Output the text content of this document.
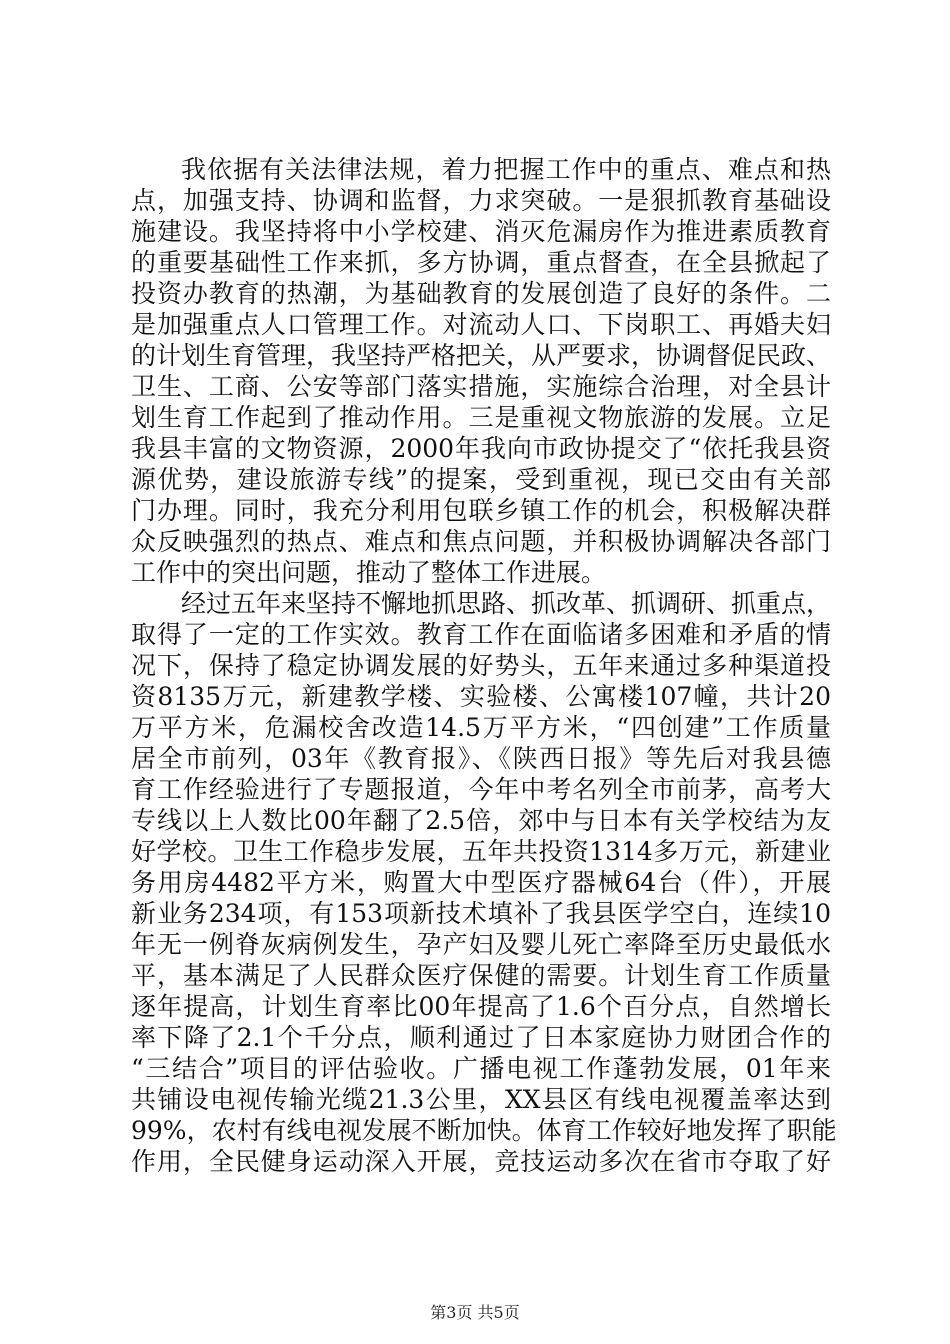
我依据有关法律法规，着力把握工作中的重点、难点和热
点，加强支持、协调和监督，力求突破。一是狠抓教育基础设
施建设。我坚持将中小学校建、消灭危漏房作为推进素质教育
的重要基础性工作来抓，多方协调，重点督查，在全县掀起了
投资办教育的热潮，为基础教育的发展创造了良好的条件。二
是加强重点人口管理工作。对流动人口、下岗职工、再婚夫妇
的计划生育管理，我坚持严格把关，从严要求，协调督促民政、
卫生、工商、公安等部门落实措施，实施综合治理，对全县计
划生育工作起到了推动作用。三是重视文物旅游的发展。立足
我县丰富的文物资源，2000年我向市政协提交了“依托我县资
源优势，建设旅游专线”的提案，受到重视，现已交由有关部
门办理。同时，我充分利用包联乡镇工作的机会，积极解决群
众反映强烈的热点、难点和焦点问题，并积极协调解决各部门
工作中的突出问题，推动了整体工作进展。
经过五年来坚持不懈地抓思路、抓改革、抓调研、抓重点，
取得了一定的工作实效。教育工作在面临诸多困难和矛盾的情
况下，保持了稳定协调发展的好势头，五年来通过多种渠道投
资8135万元，新建教学楼、实验楼、公寓楼107幢，共计20
万平方米，危漏校舍改造14.5万平方米，“四创建”工作质量
居全市前列，03年《教育报》、《陕西日报》等先后对我县德
育工作经验进行了专题报道，今年中考名列全市前茅，高考大
专线以上人数比00年翻了2.5倍，郊中与日本有关学校结为友
好学校。卫生工作稳步发展，五年共投资1314多万元，新建业
务用房4482平方米，购置大中型医疗器械64台（件），开展
新业务234项，有153项新技术填补了我县医学空白，连续10
年无一例脊灰病例发生，孕产妇及婴儿死亡率降至历史最低水
平，基本满足了人民群众医疗保健的需要。计划生育工作质量
逐年提高，计划生育率比00年提高了1.6个百分点，自然增长
率下降了2.1个千分点，顺利通过了日本家庭协力财团合作的
“三结合”项目的评估验收。广播电视工作蓬勃发展，01年来
共铺设电视传输光缆21.3公里，XX县区有线电视覆盖率达到
99%，农村有线电视发展不断加快。体育工作较好地发挥了职能
作用，全民健身运动深入开展，竞技运动多次在省市夺取了好
第3页 共5页
